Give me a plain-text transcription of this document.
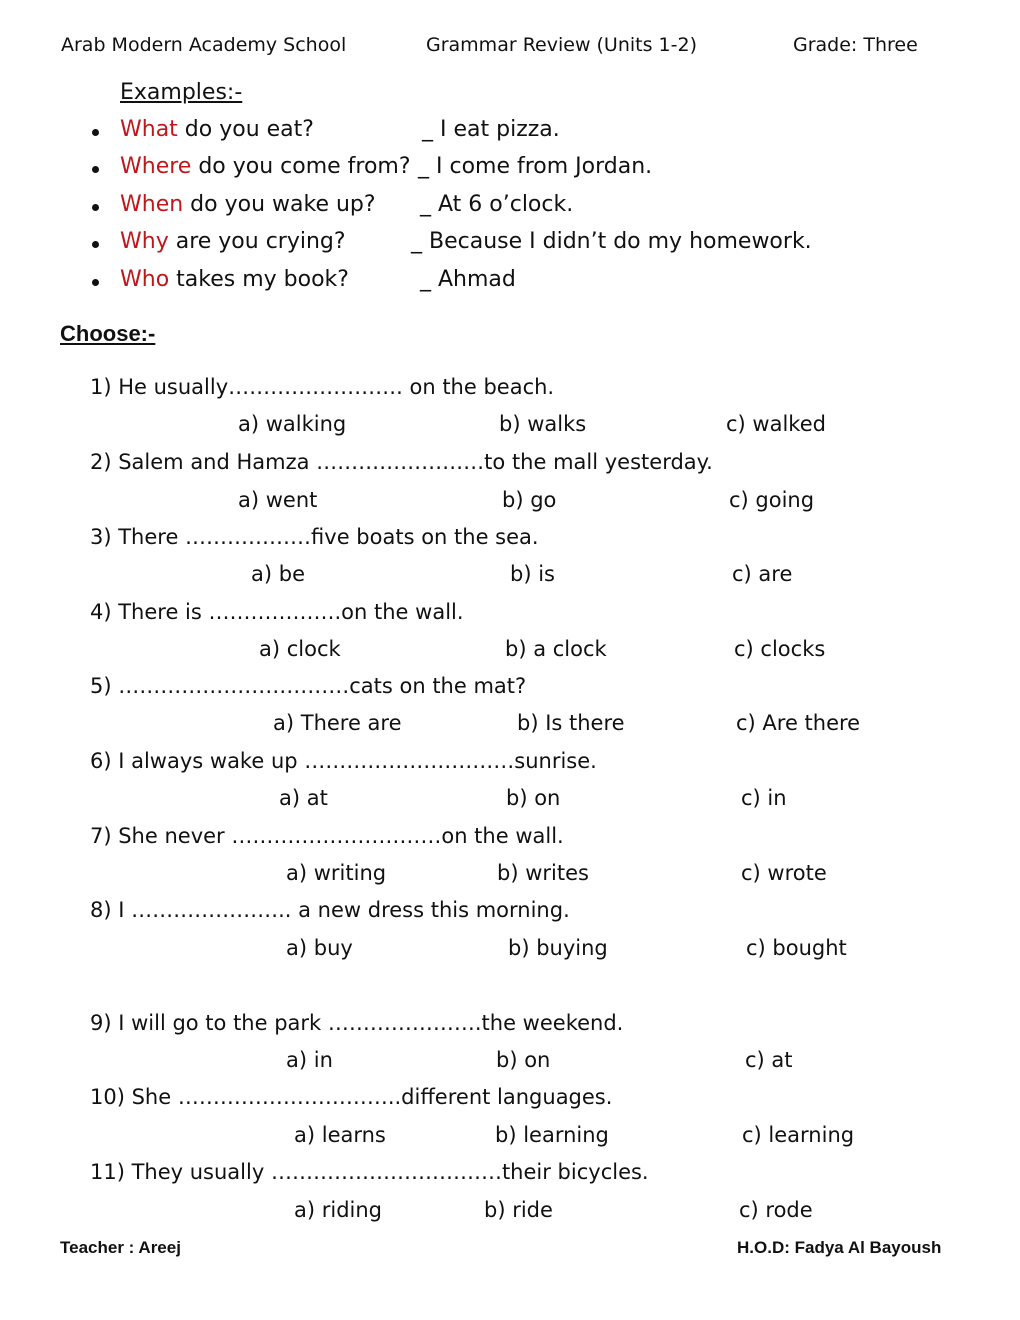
Arab Modern Academy School	Grammar Review (Units 1-2)	Grade: Three
Examples:-
What do you eat?	_ I eat pizza.
Where do you come from? _ I come from Jordan.
When do you wake up? _ At 6 o’clock.
Why are you crying?	_ Because I didn’t do my homework.
Who takes my book?	_ Ahmad
Choose:-
1) He usually……………………. on the beach.
a) walking	b) walks	c) walked
2) Salem and Hamza ……………………to the mall yesterday.
a) went	b) go	c) going
3) There ………………five boats on the sea.
a) be	b) is	c) are
4) There is ……………….on the wall.
a) clock	b) a clock	c) clocks
5) ……………………………cats on the mat?
a) There are	b) Is there	c) Are there
6) I always wake up …………………………sunrise.
a) at	b) on	c) in
7) She never …………………………on the wall.
a) writing	b) writes	c) wrote
8) I ………………….. a new dress this morning.
a) buy	b) buying	c) bought
9) I will go to the park ………………….the weekend.
a) in	b) on	c) at
10) She …………………………..different languages.
a) learns	b) learning	c) learning
11) They usually ……………………………their bicycles.
a) riding	b) ride	c) rode
Teacher : Areej	H.O.D: Fadya Al Bayoush
